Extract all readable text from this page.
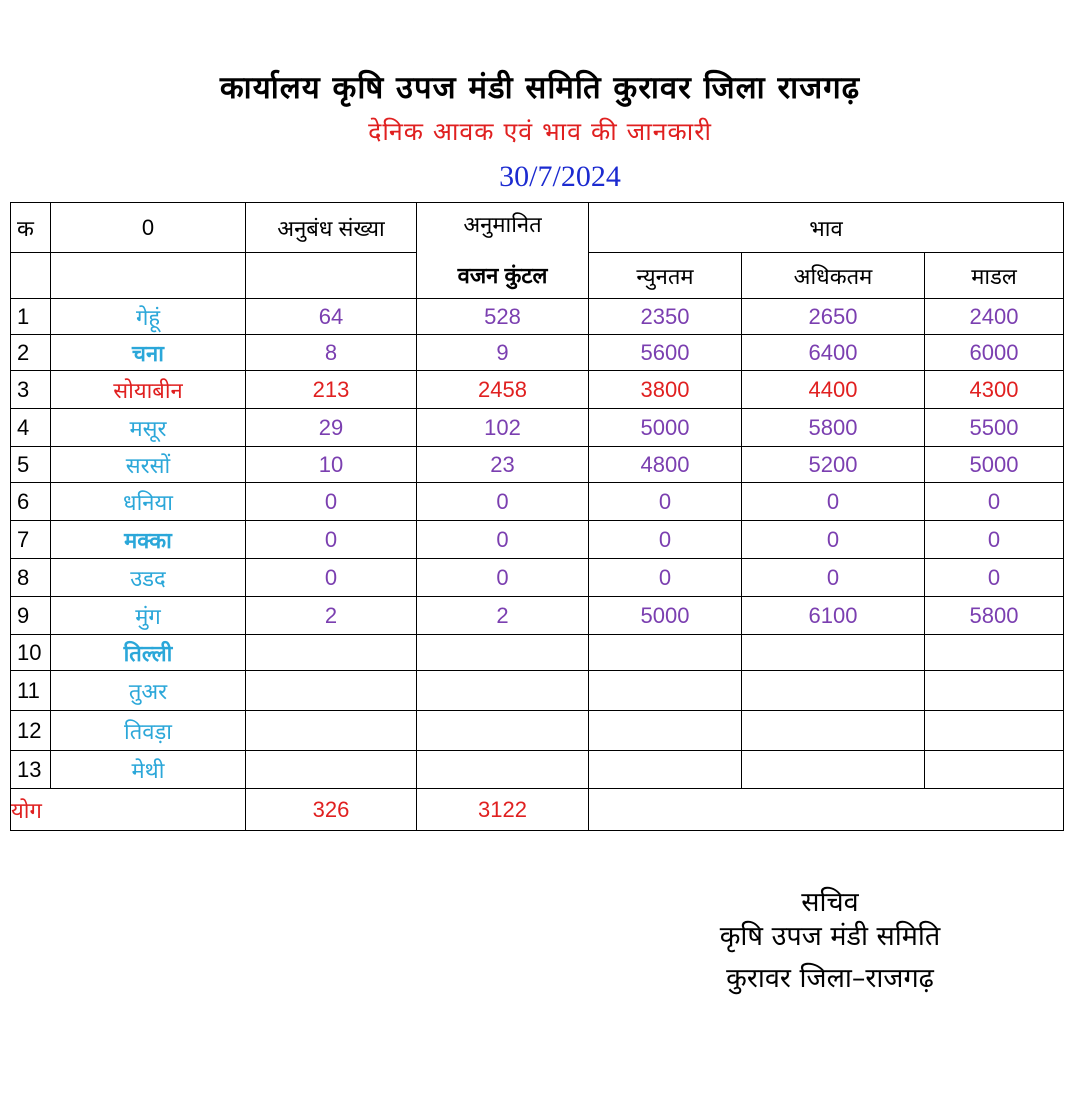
कार्यालय कृषि उपज मंडी समिति कुरावर जिला राजगढ़
देनिक आवक एवं भाव की जानकारी
30/7/2024
क	0	अनुबंध संख्या	अनुमानित	भाव		
			वजन कुंटल	न्युनतम	अधिकतम	माडल
1	गेहूं	64	528	2350	2650	2400
2	चना	8	9	5600	6400	6000
3	सोयाबीन	213	2458	3800	4400	4300
4	मसूर	29	102	5000	5800	5500
5	सरसों	10	23	4800	5200	5000
6	धनिया	0	0	0	0	0
7	मक्का	0	0	0	0	0
8	उडद	0	0	0	0	0
9	मुंग	2	2	5000	6100	5800
10	तिल्ली					
11	तुअर					
12	तिवड़ा					
13	मेथी					
योग		326	3122			
सचिव
कृषि उपज मंडी समिति
कुरावर जिला–राजगढ़
